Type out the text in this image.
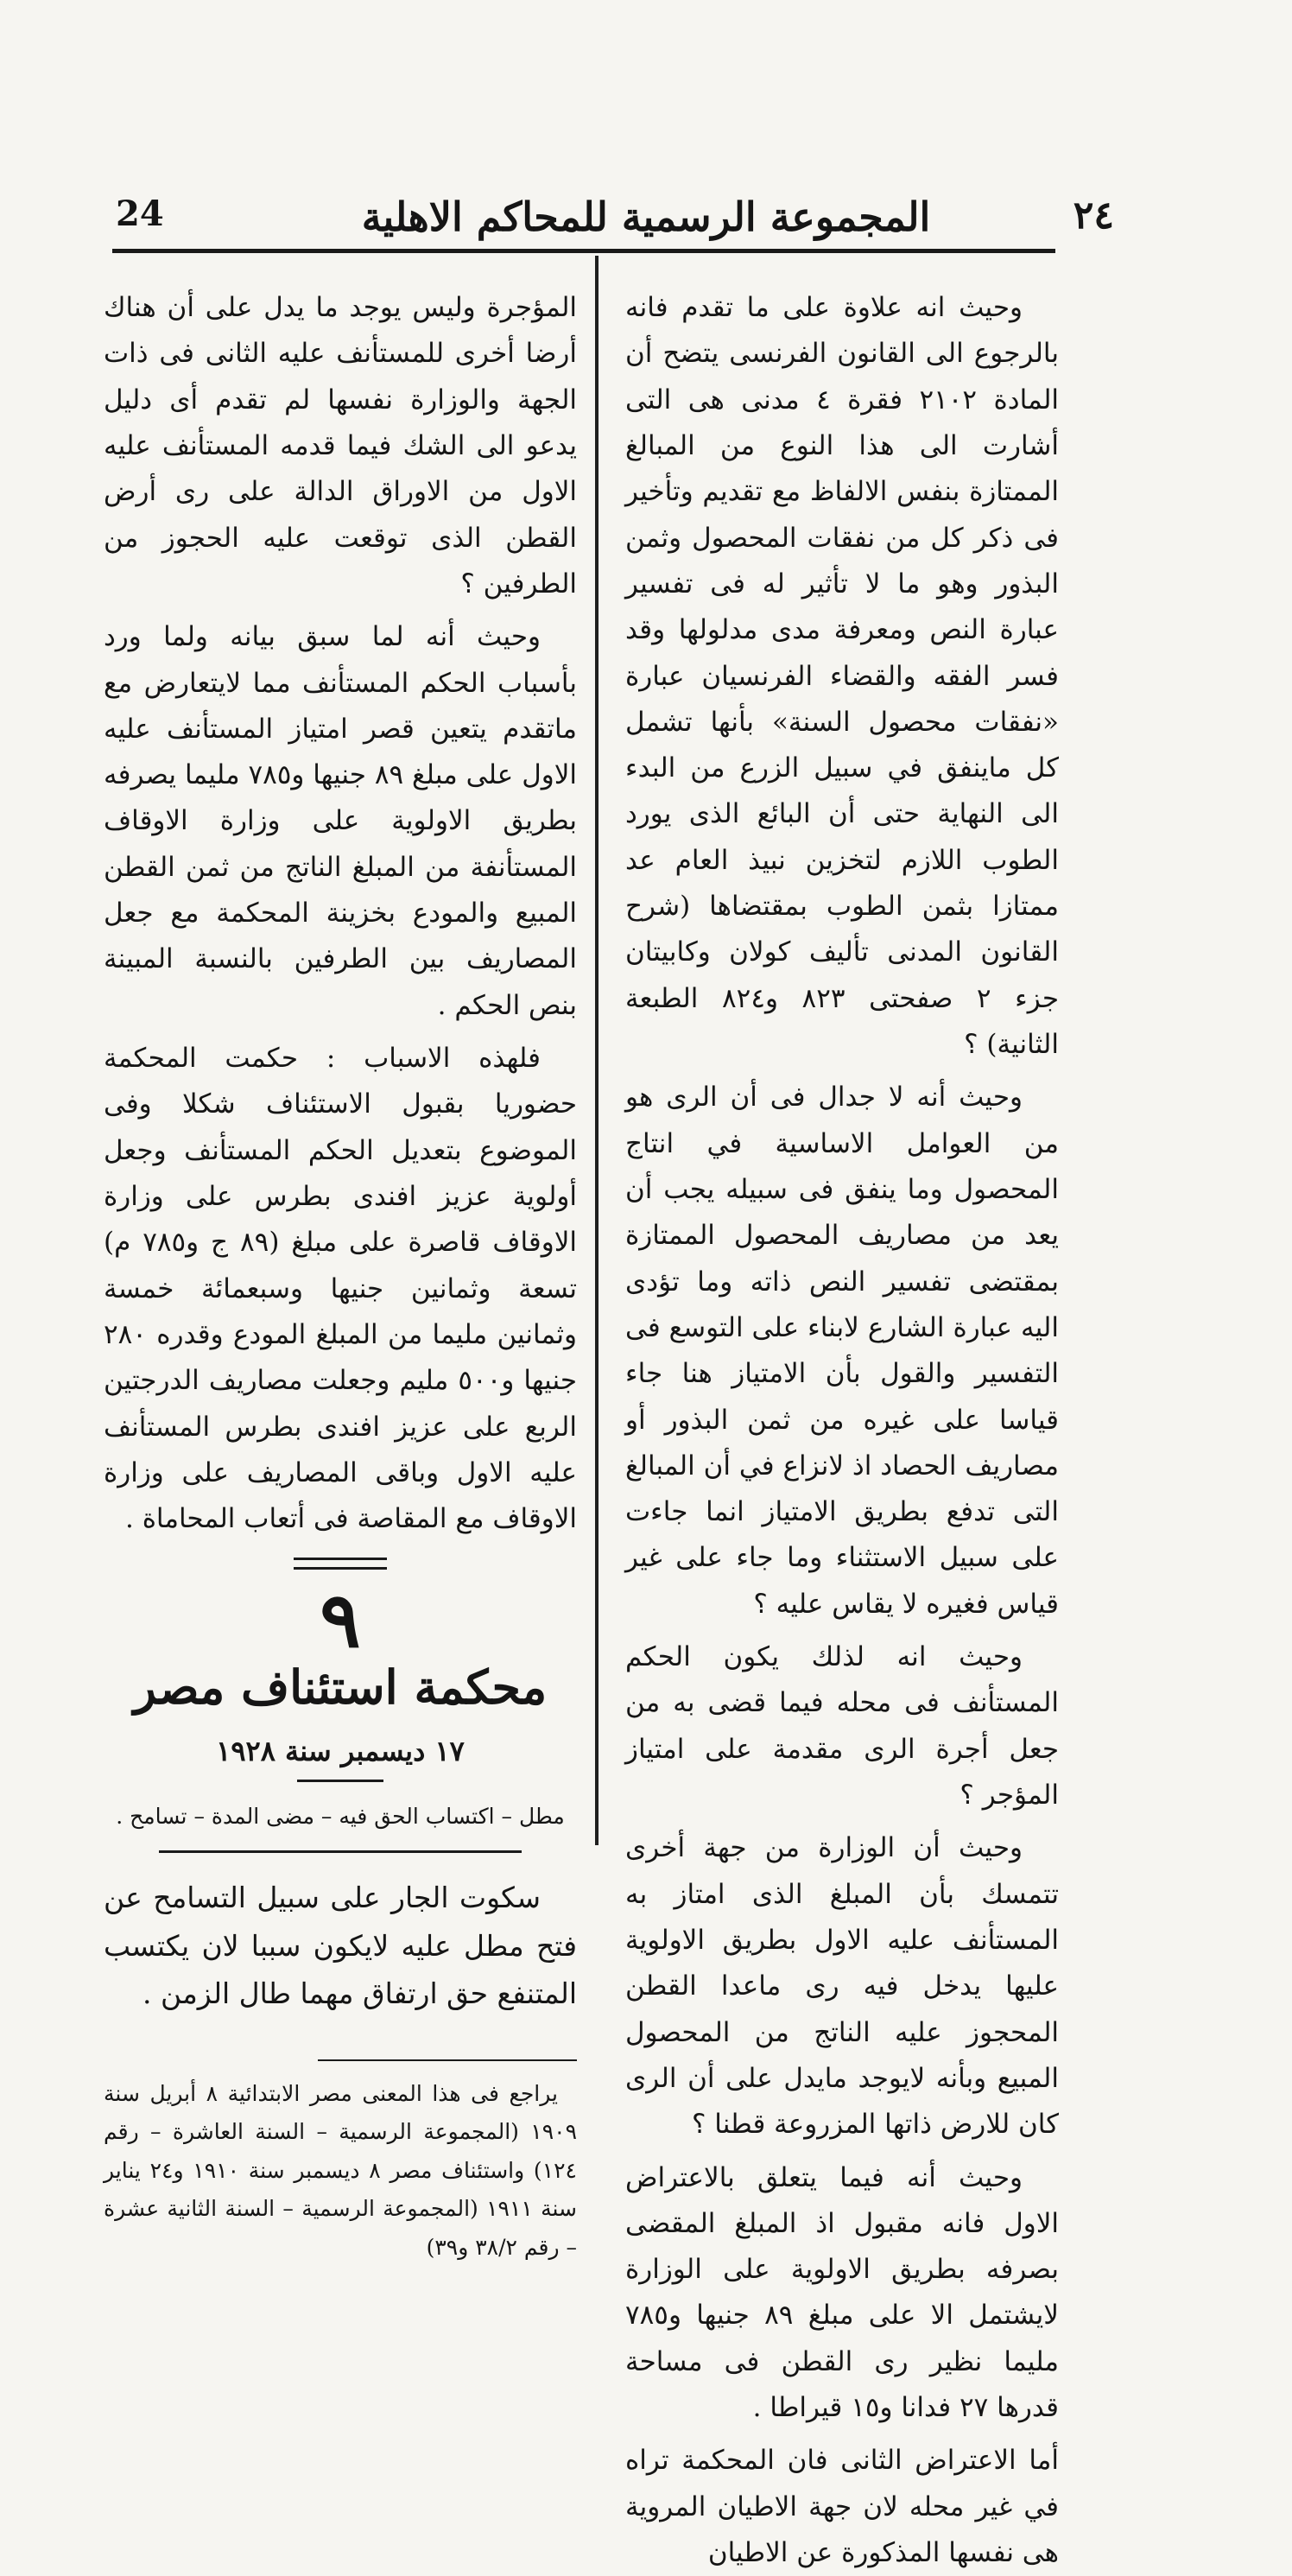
24	المجموعة الرسمية للمحاكم الاهلية	٢٤

وحيث انه علاوة على ما تقدم فانه بالرجوع الى القانون الفرنسى يتضح أن المادة ٢١٠٢ فقرة ٤ مدنى هى التى أشارت الى هذا النوع من المبالغ الممتازة بنفس الالفاظ مع تقديم وتأخير فى ذكر كل من نفقات المحصول وثمن البذور وهو ما لا تأثير له فى تفسير عبارة النص ومعرفة مدى مدلولها وقد فسر الفقه والقضاء الفرنسيان عبارة «نفقات محصول السنة» بأنها تشمل كل ماينفق في سبيل الزرع من البدء الى النهاية حتى أن البائع الذى يورد الطوب اللازم لتخزين نبيذ العام عد ممتازا بثمن الطوب بمقتضاها (شرح القانون المدنى تأليف كولان وكابيتان جزء ٢ صفحتى ٨٢٣ و٨٢٤ الطبعة الثانية) ؟

وحيث أنه لا جدال فى أن الرى هو من العوامل الاساسية في انتاج المحصول وما ينفق فى سبيله يجب أن يعد من مصاريف المحصول الممتازة بمقتضى تفسير النص ذاته وما تؤدى اليه عبارة الشارع لابناء على التوسع فى التفسير والقول بأن الامتياز هنا جاء قياسا على غيره من ثمن البذور أو مصاريف الحصاد اذ لانزاع في أن المبالغ التى تدفع بطريق الامتياز انما جاءت على سبيل الاستثناء وما جاء على غير قياس فغيره لا يقاس عليه ؟

وحيث انه لذلك يكون الحكم المستأنف فى محله فيما قضى به من جعل أجرة الرى مقدمة على امتياز المؤجر ؟

وحيث أن الوزارة من جهة أخرى تتمسك بأن المبلغ الذى امتاز به المستأنف عليه الاول بطريق الاولوية عليها يدخل فيه رى ماعدا القطن المحجوز عليه الناتج من المحصول المبيع وبأنه لايوجد مايدل على أن الرى كان للارض ذاتها المزروعة قطنا ؟

وحيث أنه فيما يتعلق بالاعتراض الاول فانه مقبول اذ المبلغ المقضى بصرفه بطريق الاولوية على الوزارة لايشتمل الا على مبلغ ٨٩ جنيها و٧٨٥ مليما نظير رى القطن فى مساحة قدرها ٢٧ فدانا و١٥ قيراطا .

أما الاعتراض الثانى فان المحكمة تراه في غير محله لان جهة الاطيان المروية هى نفسها المذكورة عن الاطيان

المؤجرة وليس يوجد ما يدل على أن هناك أرضا أخرى للمستأنف عليه الثانى فى ذات الجهة والوزارة نفسها لم تقدم أى دليل يدعو الى الشك فيما قدمه المستأنف عليه الاول من الاوراق الدالة على رى أرض القطن الذى توقعت عليه الحجوز من الطرفين ؟

وحيث أنه لما سبق بيانه ولما ورد بأسباب الحكم المستأنف مما لايتعارض مع ماتقدم يتعين قصر امتياز المستأنف عليه الاول على مبلغ ٨٩ جنيها و٧٨٥ مليما يصرفه بطريق الاولوية على وزارة الاوقاف المستأنفة من المبلغ الناتج من ثمن القطن المبيع والمودع بخزينة المحكمة مع جعل المصاريف بين الطرفين بالنسبة المبينة بنص الحكم .

فلهذه الاسباب : حكمت المحكمة حضوريا بقبول الاستئناف شكلا وفى الموضوع بتعديل الحكم المستأنف وجعل أولوية عزيز افندى بطرس على وزارة الاوقاف قاصرة على مبلغ (٨٩ ج و٧٨٥ م) تسعة وثمانين جنيها وسبعمائة خمسة وثمانين مليما من المبلغ المودع وقدره ٢٨٠ جنيها و٥٠٠ مليم وجعلت مصاريف الدرجتين الربع على عزيز افندى بطرس المستأنف عليه الاول وباقى المصاريف على وزارة الاوقاف مع المقاصة فى أتعاب المحاماة .

٩
محكمة استئناف مصر
١٧ ديسمبر سنة ١٩٢٨
مطل – اكتساب الحق فيه – مضى المدة – تسامح .

سكوت الجار على سبيل التسامح عن فتح مطل عليه لايكون سببا لان يكتسب المتنفع حق ارتفاق مهما طال الزمن .

يراجع فى هذا المعنى مصر الابتدائية ٨ أبريل سنة ١٩٠٩ (المجموعة الرسمية – السنة العاشرة – رقم ١٢٤) واستئناف مصر ٨ ديسمبر سنة ١٩١٠ و٢٤ يناير سنة ١٩١١ (المجموعة الرسمية – السنة الثانية عشرة – رقم ٣٨/٢ و٣٩)
